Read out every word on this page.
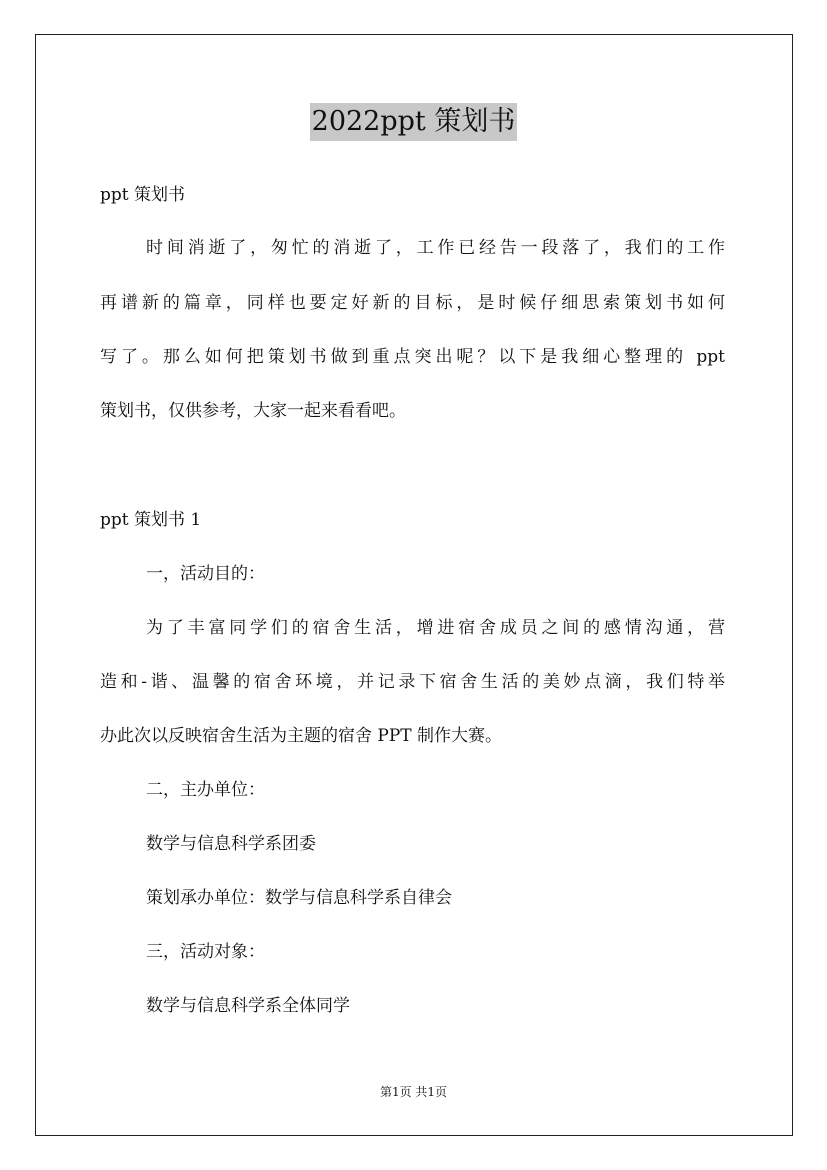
2022ppt 策划书
ppt 策划书
时间消逝了，匆忙的消逝了，工作已经告一段落了，我们的工作
再谱新的篇章，同样也要定好新的目标，是时候仔细思索策划书如何
写了。那么如何把策划书做到重点突出呢？以下是我细心整理的 ppt
策划书，仅供参考，大家一起来看看吧。
ppt 策划书 1
一，活动目的：
为了丰富同学们的宿舍生活，增进宿舍成员之间的感情沟通，营
造和-谐、温馨的宿舍环境，并记录下宿舍生活的美妙点滴，我们特举
办此次以反映宿舍生活为主题的宿舍 PPT 制作大赛。
二，主办单位：
数学与信息科学系团委
策划承办单位：数学与信息科学系自律会
三，活动对象：
数学与信息科学系全体同学
第1页 共1页
